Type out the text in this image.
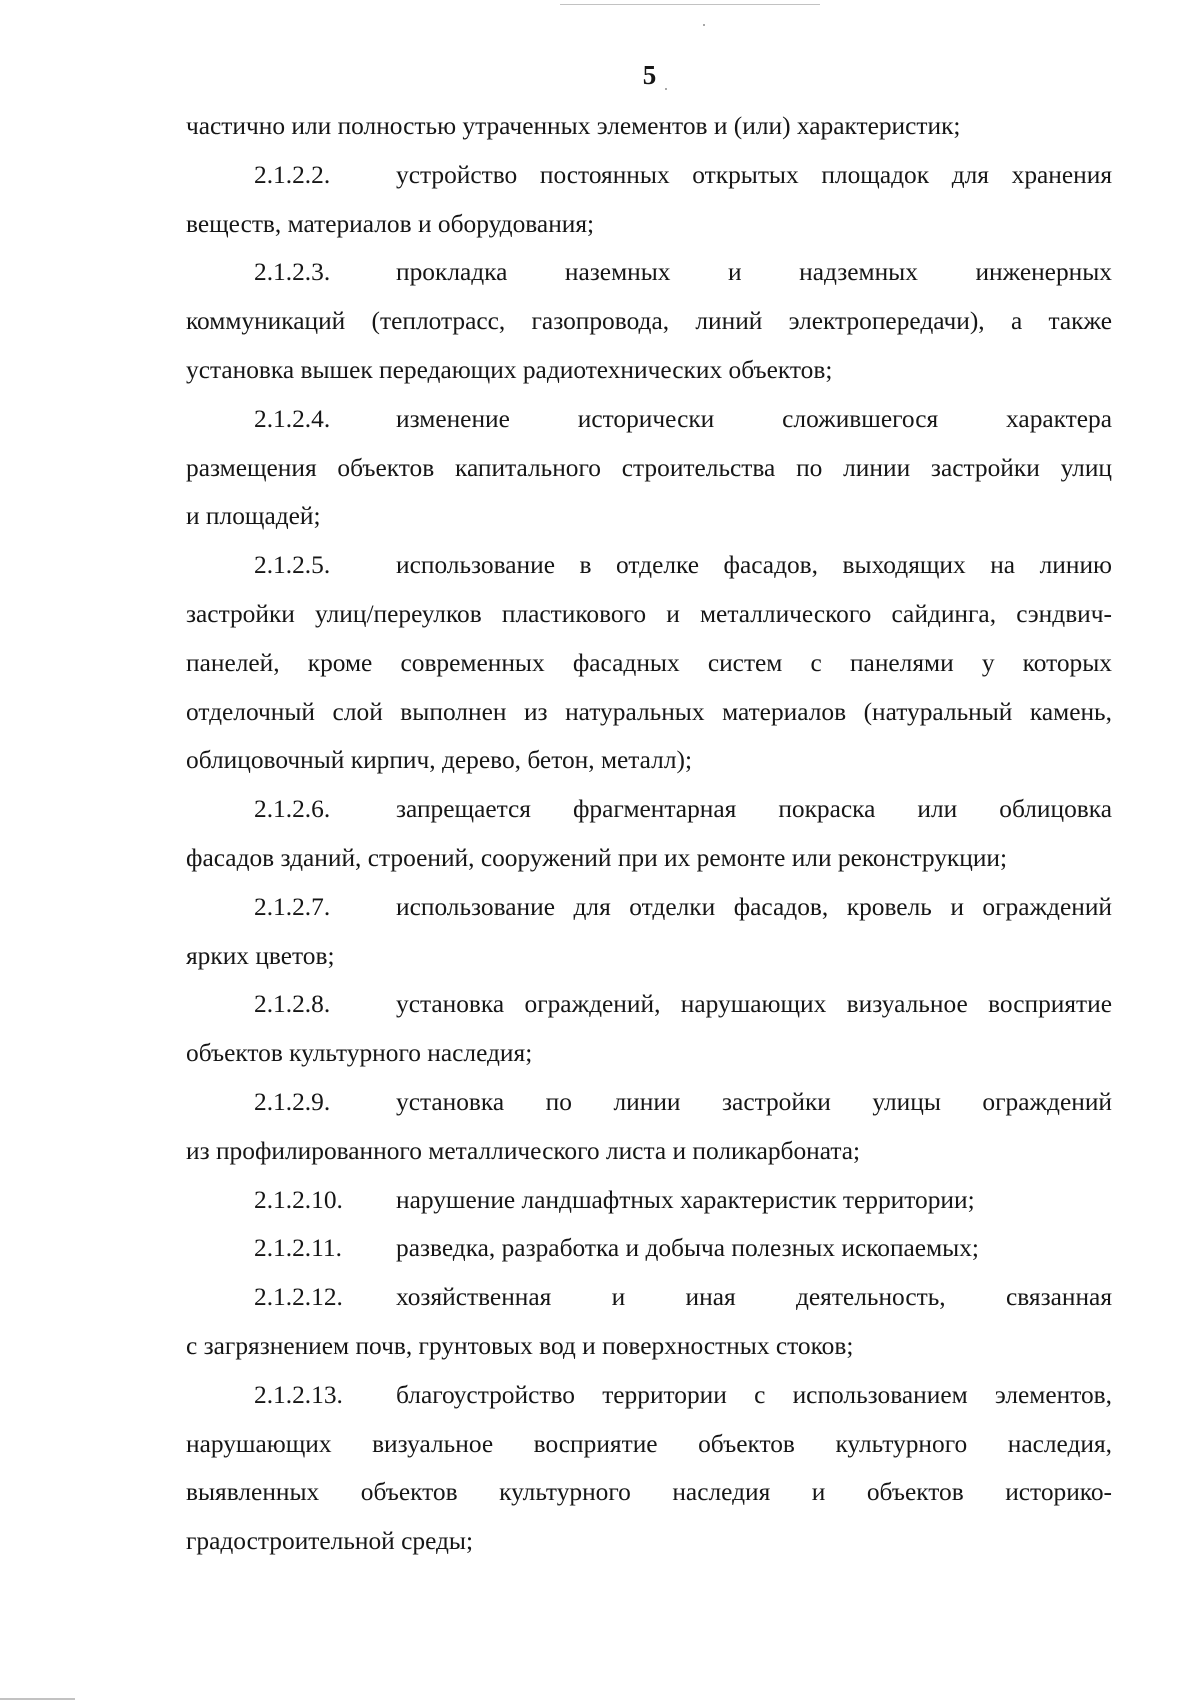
5
частично или полностью утраченных элементов и (или) характеристик;
2.1.2.2.	устройство постоянных открытых площадок для хранения
веществ, материалов и оборудования;
2.1.2.3.	прокладка наземных и надземных инженерных
коммуникаций (теплотрасс, газопровода, линий электропередачи), а также
установка вышек передающих радиотехнических объектов;
2.1.2.4.	изменение исторически сложившегося характера
размещения объектов капитального строительства по линии застройки улиц
и площадей;
2.1.2.5.	использование в отделке фасадов, выходящих на линию
застройки улиц/переулков пластикового и металлического сайдинга, сэндвич-
панелей, кроме современных фасадных систем с панелями у которых
отделочный слой выполнен из натуральных материалов (натуральный камень,
облицовочный кирпич, дерево, бетон, металл);
2.1.2.6.	запрещается фрагментарная покраска или облицовка
фасадов зданий, строений, сооружений при их ремонте или реконструкции;
2.1.2.7.	использование для отделки фасадов, кровель и ограждений
ярких цветов;
2.1.2.8.	установка ограждений, нарушающих визуальное восприятие
объектов культурного наследия;
2.1.2.9.	установка по линии застройки улицы ограждений
из профилированного металлического листа и поликарбоната;
2.1.2.10.	нарушение ландшафтных характеристик территории;
2.1.2.11.	разведка, разработка и добыча полезных ископаемых;
2.1.2.12.	хозяйственная и иная деятельность, связанная
с загрязнением почв, грунтовых вод и поверхностных стоков;
2.1.2.13.	благоустройство территории с использованием элементов,
нарушающих визуальное восприятие объектов культурного наследия,
выявленных объектов культурного наследия и объектов историко-
градостроительной среды;
